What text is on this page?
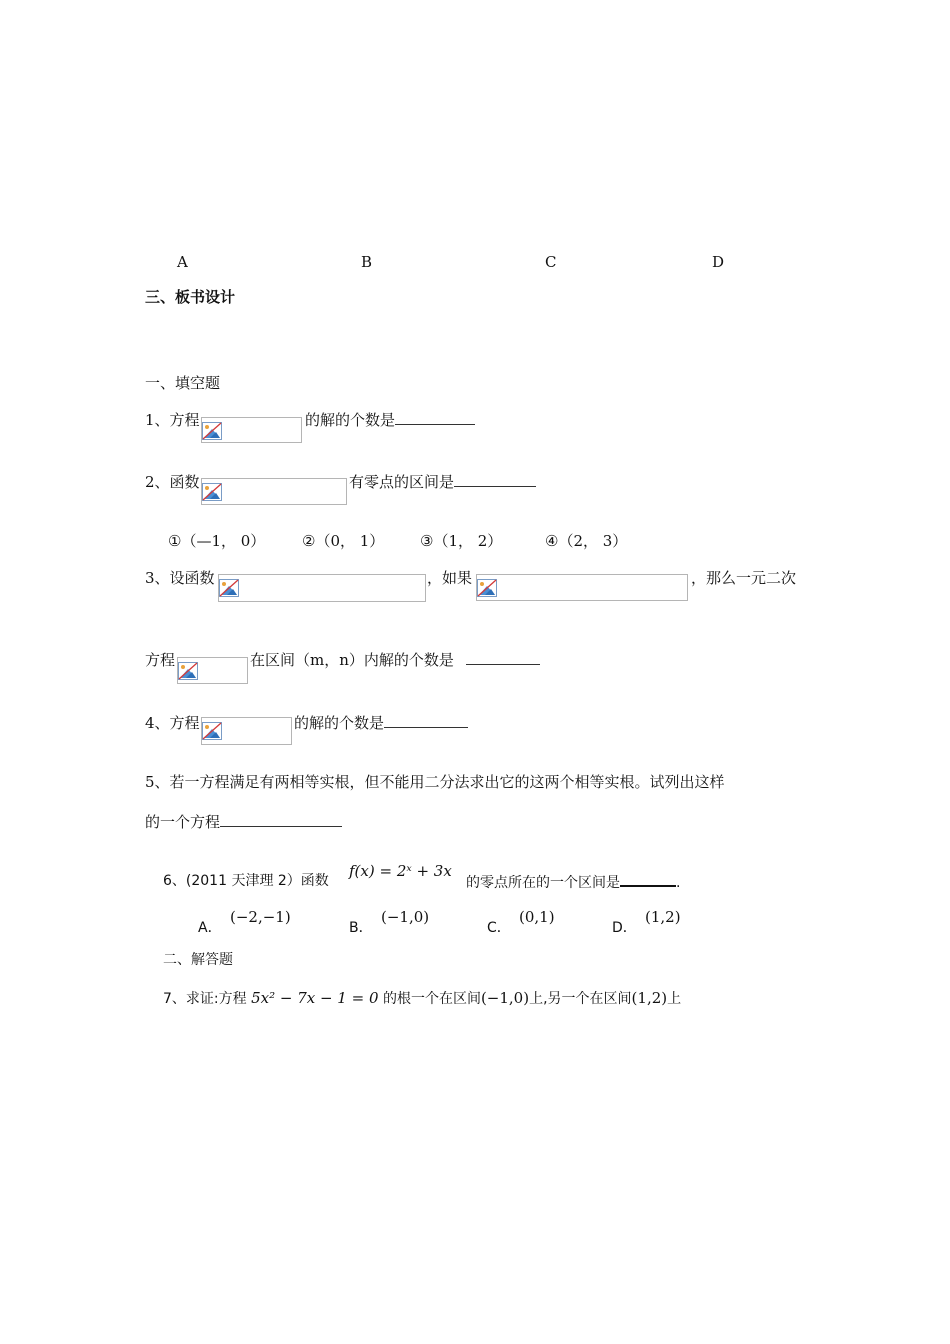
A	B	C	D
三、板书设计
一、填空题
1、方程	的解的个数是
2、函数	有零点的区间是
①（—1， 0） ②（0， 1） ③（1， 2）	④（2， 3）
3、设函数	，如果	，那么一元二次
方程	在区间（m，n）内解的个数是
4、方程	的解的个数是
5、若一方程满足有两相等实根，但不能用二分法求出它的这两个相等实根。试列出这样
的一个方程
6、(2011 天津理 2）函数
f(x) = 2ˣ + 3x
的零点所在的一个区间是	.
A．
(−2,−1)
B．
(−1,0)
C．
(0,1)
D．
(1,2)
二、解答题
7、求证:方程 5x² − 7x − 1 = 0 的根一个在区间(−1,0)上,另一个在区间(1,2)上
